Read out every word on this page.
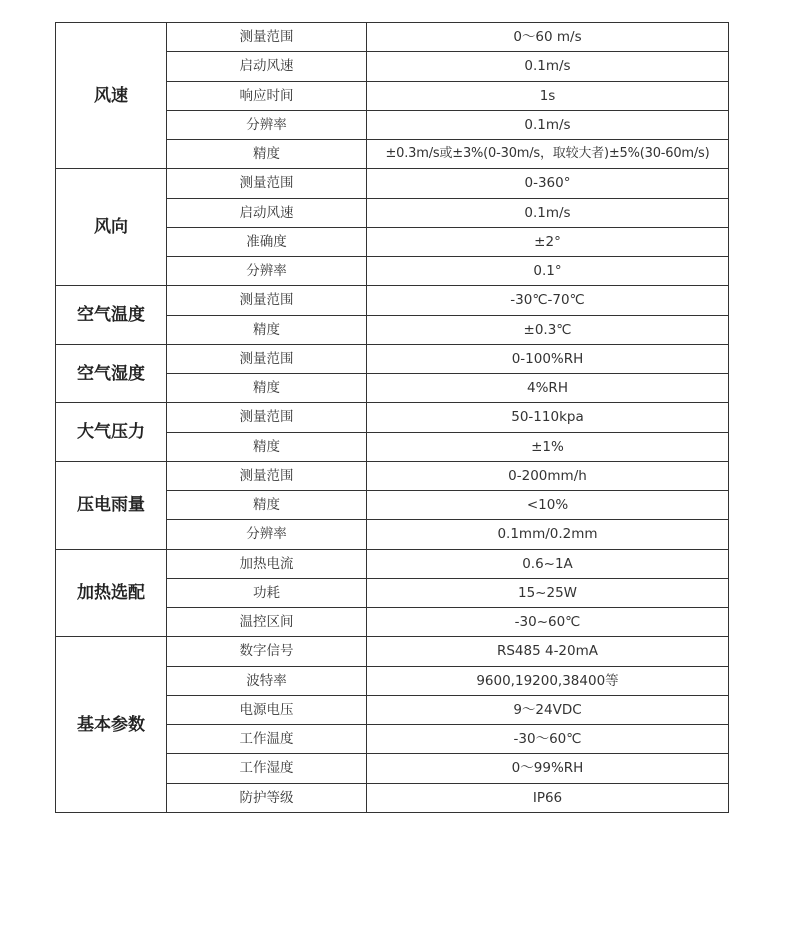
风速	测量范围	0～60 m/s
	启动风速	0.1m/s
	响应时间	1s
	分辨率	0.1m/s
	精度	±0.3m/s或±3%(0-30m/s，取较大者)±5%(30-60m/s)
风向	测量范围	0-360°
	启动风速	0.1m/s
	准确度	±2°
	分辨率	0.1°
空气温度	测量范围	-30℃-70℃
	精度	±0.3℃
空气湿度	测量范围	0-100%RH
	精度	4%RH
大气压力	测量范围	50-110kpa
	精度	±1%
压电雨量	测量范围	0-200mm/h
	精度	<10%
	分辨率	0.1mm/0.2mm
加热选配	加热电流	0.6~1A
	功耗	15~25W
	温控区间	-30~60℃
基本参数	数字信号	RS485 4-20mA
	波特率	9600,19200,38400等
	电源电压	9～24VDC
	工作温度	-30～60℃
	工作湿度	0～99%RH
	防护等级	IP66
